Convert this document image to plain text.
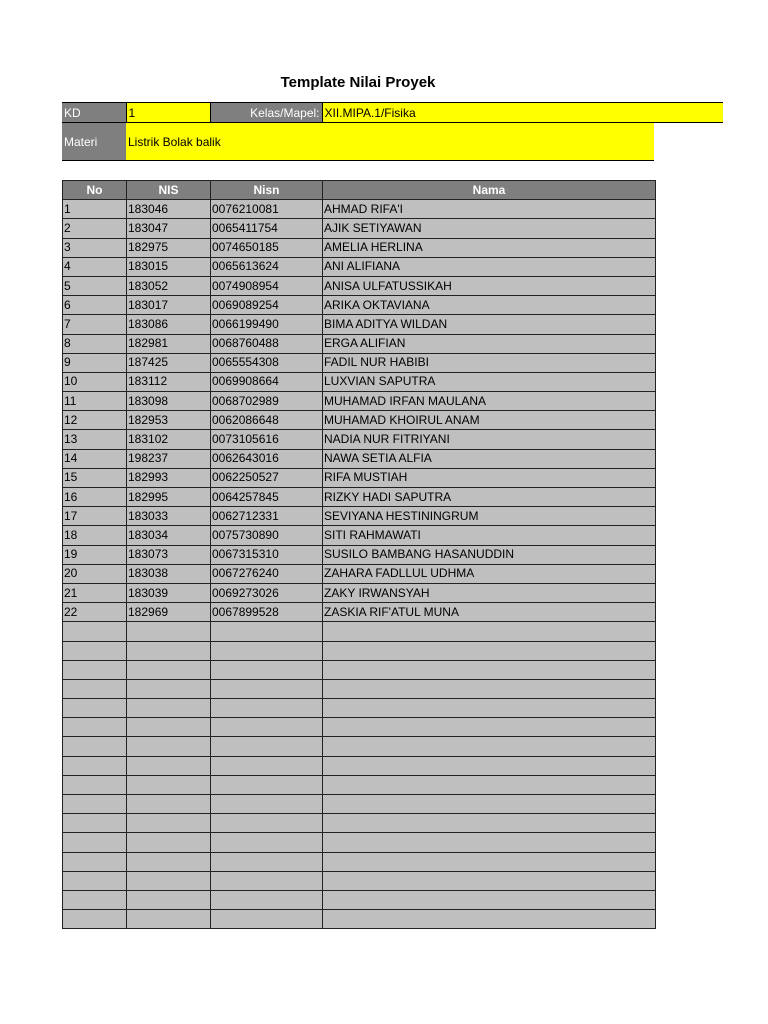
Template Nilai Proyek
KD	1	Kelas/Mapel:	XII.MIPA.1/Fisika	
Materi	Listrik Bolak balik			
No	NIS	Nisn	Nama
1	183046	0076210081	AHMAD RIFA'I
2	183047	0065411754	AJIK SETIYAWAN
3	182975	0074650185	AMELIA HERLINA
4	183015	0065613624	ANI ALIFIANA
5	183052	0074908954	ANISA ULFATUSSIKAH
6	183017	0069089254	ARIKA OKTAVIANA
7	183086	0066199490	BIMA ADITYA WILDAN
8	182981	0068760488	ERGA ALIFIAN
9	187425	0065554308	FADIL NUR HABIBI
10	183112	0069908664	LUXVIAN SAPUTRA
11	183098	0068702989	MUHAMAD IRFAN MAULANA
12	182953	0062086648	MUHAMAD KHOIRUL ANAM
13	183102	0073105616	NADIA NUR FITRIYANI
14	198237	0062643016	NAWA SETIA ALFIA
15	182993	0062250527	RIFA MUSTIAH
16	182995	0064257845	RIZKY HADI SAPUTRA
17	183033	0062712331	SEVIYANA HESTININGRUM
18	183034	0075730890	SITI RAHMAWATI
19	183073	0067315310	SUSILO BAMBANG HASANUDDIN
20	183038	0067276240	ZAHARA FADLLUL UDHMA
21	183039	0069273026	ZAKY IRWANSYAH
22	182969	0067899528	ZASKIA RIF'ATUL MUNA
